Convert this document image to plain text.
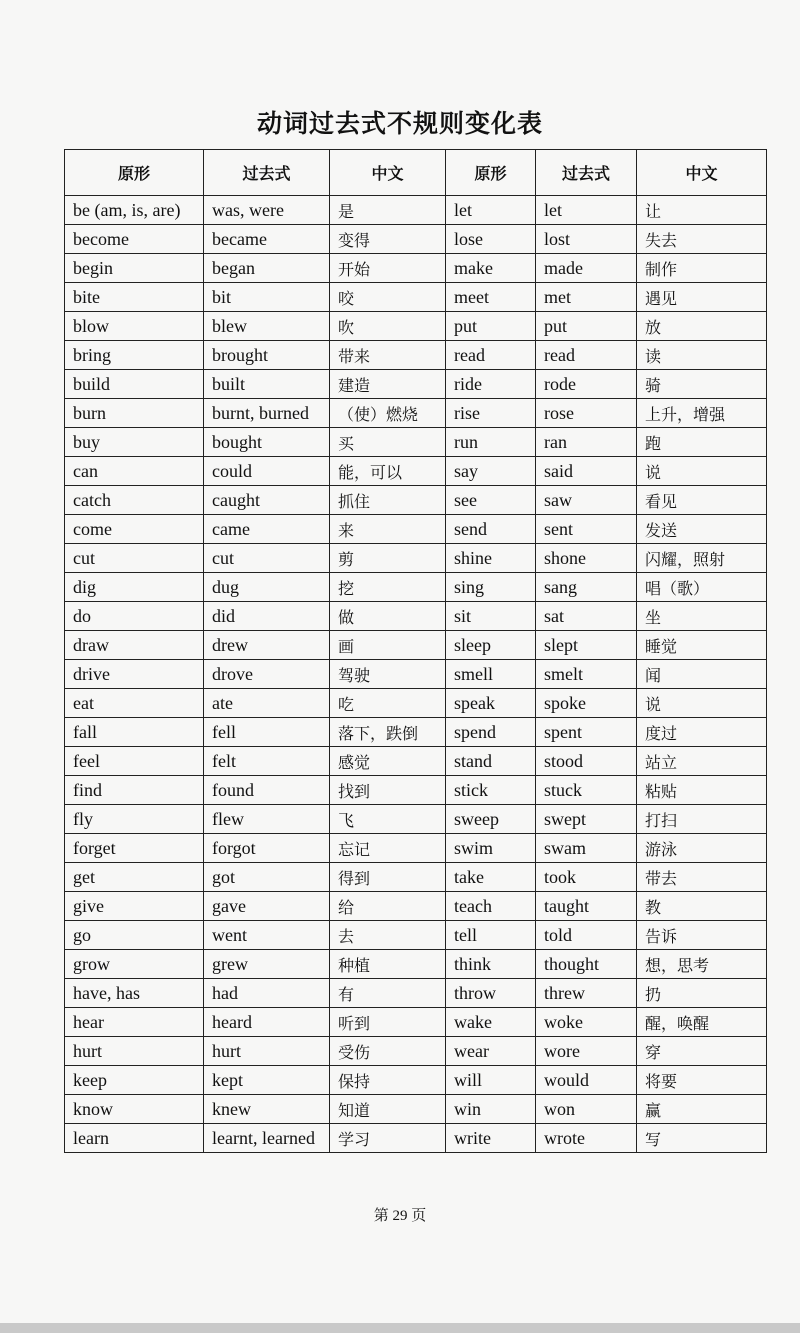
动词过去式不规则变化表
原形	过去式	中文	原形	过去式	中文
be (am, is, are)	was, were	是	let	let	让
become	became	变得	lose	lost	失去
begin	began	开始	make	made	制作
bite	bit	咬	meet	met	遇见
blow	blew	吹	put	put	放
bring	brought	带来	read	read	读
build	built	建造	ride	rode	骑
burn	burnt, burned	（使）燃烧	rise	rose	上升，增强
buy	bought	买	run	ran	跑
can	could	能，可以	say	said	说
catch	caught	抓住	see	saw	看见
come	came	来	send	sent	发送
cut	cut	剪	shine	shone	闪耀，照射
dig	dug	挖	sing	sang	唱（歌）
do	did	做	sit	sat	坐
draw	drew	画	sleep	slept	睡觉
drive	drove	驾驶	smell	smelt	闻
eat	ate	吃	speak	spoke	说
fall	fell	落下，跌倒	spend	spent	度过
feel	felt	感觉	stand	stood	站立
find	found	找到	stick	stuck	粘贴
fly	flew	飞	sweep	swept	打扫
forget	forgot	忘记	swim	swam	游泳
get	got	得到	take	took	带去
give	gave	给	teach	taught	教
go	went	去	tell	told	告诉
grow	grew	种植	think	thought	想，思考
have, has	had	有	throw	threw	扔
hear	heard	听到	wake	woke	醒，唤醒
hurt	hurt	受伤	wear	wore	穿
keep	kept	保持	will	would	将要
know	knew	知道	win	won	赢
learn	learnt, learned	学习	write	wrote	写
第 29 页
